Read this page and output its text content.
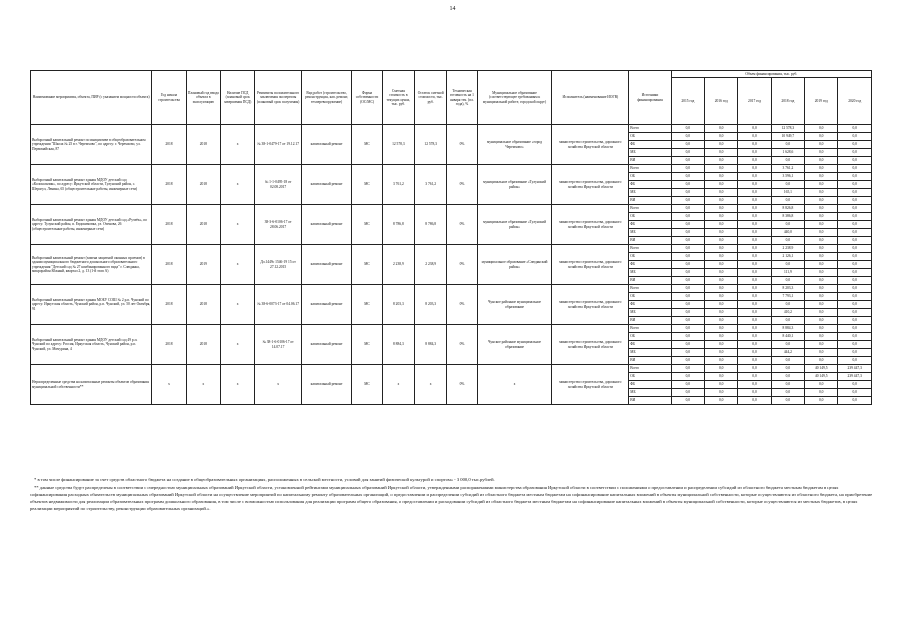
14
Наименование мероприятия, объекта, ПИР (с указанием мощности объекта)	Год начала строительства	Плановый год ввода объекта в эксплуатацию	Наличие ПСД (плановый срок завершения ПСД)	Реквизиты положительного заключения экспертизы (плановый срок получения)	Вид работ (строительство, реконструкция, кап. ремонт, техперевооружение)	Форма собственности (ОС/МС)	Сметная стоимость в текущих ценах, тыс. руб.	Остаток сметной стоимости, тыс. руб.	Техническая готовность на 1 января тек. (пл. года), %	Муниципальное образование (соответствующее требованиям к муниципальной работе, городской округ)	Исполнитель (наименование ИОГВ)	Источники финансирования	Объем финансирования, тыс. руб.					
													2015 год	2016 год	2017 год	2018 год	2019 год	2020 год
Выборочный капитальный ремонт по инициативе в общеобразовательном учреждении "Школа № 25 в г. Черемхово", по адресу: г. Черемхово, ул. Первомайская, 87	2018	2018	х	№ 38-1-0479-17 от 19.12.17	капитальный ремонт	МС	12 578,3	12 578,3	0%	муниципальное образование «город Черемхово»	министерство строительства, дорожного хозяйства Иркутской области	Всего	0,0	0,0	0,0	12 578,3	0,0	0,0
												ОБ	0,0	0,0	0,0	10 949,7	0,0	0,0
												ФБ	0,0	0,0	0,0	0,0	0,0	0,0
												МБ	0,0	0,0	0,0	1 628,6	0,0	0,0
												ВИ	0,0	0,0	0,0	0,0	0,0	0,0
Выборочный капитальный ремонт здания МДОУ детский сад «Колокольчик», по адресу: Иркутской области, Тулунский район, с. Шерагул, Ленина, 65 (общестроительные работы, инженерные сети)	2018	2018	х	№ 1-1-0495-18 от 02.08.2017	капитальный ремонт	МС	3 761,2	3 761,2	0%	муниципальное образование «Тулунский район»	министерство строительства, дорожного хозяйства Иркутской области	Всего	0,0	0,0	0,0	3 761,2	0,0	0,0
												ОБ	0,0	0,0	0,0	3 596,1	0,0	0,0
												ФБ	0,0	0,0	0,0	0,0	0,0	0,0
												МБ	0,0	0,0	0,0	165,1	0,0	0,0
												ВИ	0,0	0,0	0,0	0,0	0,0	0,0
Выборочный капитальный ремонт здания МДОУ детский сад «Ручеёк», по адресу: Тулунский район, п. Евдокимовка, ул. Оченова, 26 (общестроительные работы, инженерные сети)	2018	2018	х	38-3-6-0106-17 от 28.06.2017	капитальный ремонт	МС	8 786,8	8 786,8	0%	муниципальное образование «Тулунский район»	министерство строительства, дорожного хозяйства Иркутской области	Всего	0,0	0,0	0,0	8 826,8	0,0	0,0
												ОБ	0,0	0,0	0,0	8 386,8	0,0	0,0
												ФБ	0,0	0,0	0,0	0,0	0,0	0,0
												МБ	0,0	0,0	0,0	440,0	0,0	0,0
												ВИ	0,0	0,0	0,0	0,0	0,0	0,0
Выборочный капитальный ремонт (замена защитной оконных проемов) в здании муниципального бюджетного дошкольного образовательного учреждения "Детский сад № 27 комбинированного вида" г. Слюдянка, микрорайон Южный, квартал 2, д. 13 (1-й этап А)	2018	2019	х	Дл.1449с 1546-19 15 от 27.12.2015	капитальный ремонт	МС	2 238,9	2 238,9	0%	муниципальное образование «Слюдянский район»	министерство строительства, дорожного хозяйства Иркутской области	Всего	0,0	0,0	0,0	2 238,9	0,0	0,0
												ОБ	0,0	0,0	0,0	2 126,1	0,0	0,0
												ФБ	0,0	0,0	0,0	0,0	0,0	0,0
												МБ	0,0	0,0	0,0	111,9	0,0	0,0
												ВИ	0,0	0,0	0,0	0,0	0,0	0,0
Выборочный капитальный ремонт здания МОБУ СОШ № 2 р.п. Чунский по адресу: Иркутская область, Чунский район, р.п. Чунский, ул. 50 лет Октября, 91	2018	2018	х	№ 38-6-0073-17 от 04.06.17	капитальный ремонт	МС	8 203,3	8 203,3	0%	Чунское районное муниципальное образование	министерство строительства, дорожного хозяйства Иркутской области	Всего	0,0	0,0	0,0	8 203,3	0,0	0,0
												ОБ	0,0	0,0	0,0	7 793,1	0,0	0,0
												ФБ	0,0	0,0	0,0	0,0	0,0	0,0
												МБ	0,0	0,0	0,0	410,2	0,0	0,0
												ВИ	0,0	0,0	0,0	0,0	0,0	0,0
Выборочный капитальный ремонт здания МДОУ детский сад 49 р.п. Чунский по адресу: Россия, Иркутская область, Чунский район, р.п. Чунский, ул. Мичурина, 4	2018	2018	х	№ 38-1-6-0106-17 от 14.07.17	капитальный ремонт	МС	8 884,3	8 884,3	0%	Чунское районное муниципальное образование	министерство строительства, дорожного хозяйства Иркутской области	Всего	0,0	0,0	0,0	8 884,3	0,0	0,0
												ОБ	0,0	0,0	0,0	8 440,1	0,0	0,0
												ФБ	0,0	0,0	0,0	0,0	0,0	0,0
												МБ	0,0	0,0	0,0	444,2	0,0	0,0
												ВИ	0,0	0,0	0,0	0,0	0,0	0,0
Нераспределенные средства на капитальные ремонты объектов образования муниципальной собственности**	х	х	х	х	капитальный ремонт	МС	х	х	0%	х	министерство строительства, дорожного хозяйства Иркутской области	Всего	0,0	0,0	0,0	0,0	40 149,5	239 447,3
												ОБ	0,0	0,0	0,0	0,0	40 149,5	239 447,3
												ФБ	0,0	0,0	0,0	0,0	0,0	0,0
												МБ	0,0	0,0	0,0	0,0	0,0	0,0
												ВИ	0,0	0,0	0,0	0,0	0,0	0,0

* в том числе финансирование за счет средств областного бюджета на создание в общеобразовательных организациях, расположенных в сельской местности, условий для занятий физической культурой и спортом» - 3 000,0 тыс.рублей.

** данные средства будут распределены в соответствии с очередностью муниципальных образований Иркутской области, установленной рейтингами муниципальных образований Иркутской области, утвержденными распоряжениями министерства образования Иркутской области в соответствии с положениями о предоставлении и распределении субсидий из областного бюджета местным бюджетам в целях софинансирования расходных обязательств муниципальных образований Иркутской области на осуществление мероприятий по капитальному ремонту образовательных организаций, о предоставлении и распределении субсидий из областного бюджета местным бюджетам на софинансирование капитальных вложений в объекты муниципальной собственности, которые осуществляются из областного бюджета, на приобретение объектов недвижимости для реализации образовательных программ дошкольного образования, в том числе с возможностью использования для реализации программ общего образования, о предоставлении и расходовании субсидий из областного бюджета местным бюджетам на софинансирование капитальных вложений в объекты муниципальной собственности, которые осуществляются из местных бюджетов, в целях реализации мероприятий по строительству, реконструкции образовательных организаций.».
